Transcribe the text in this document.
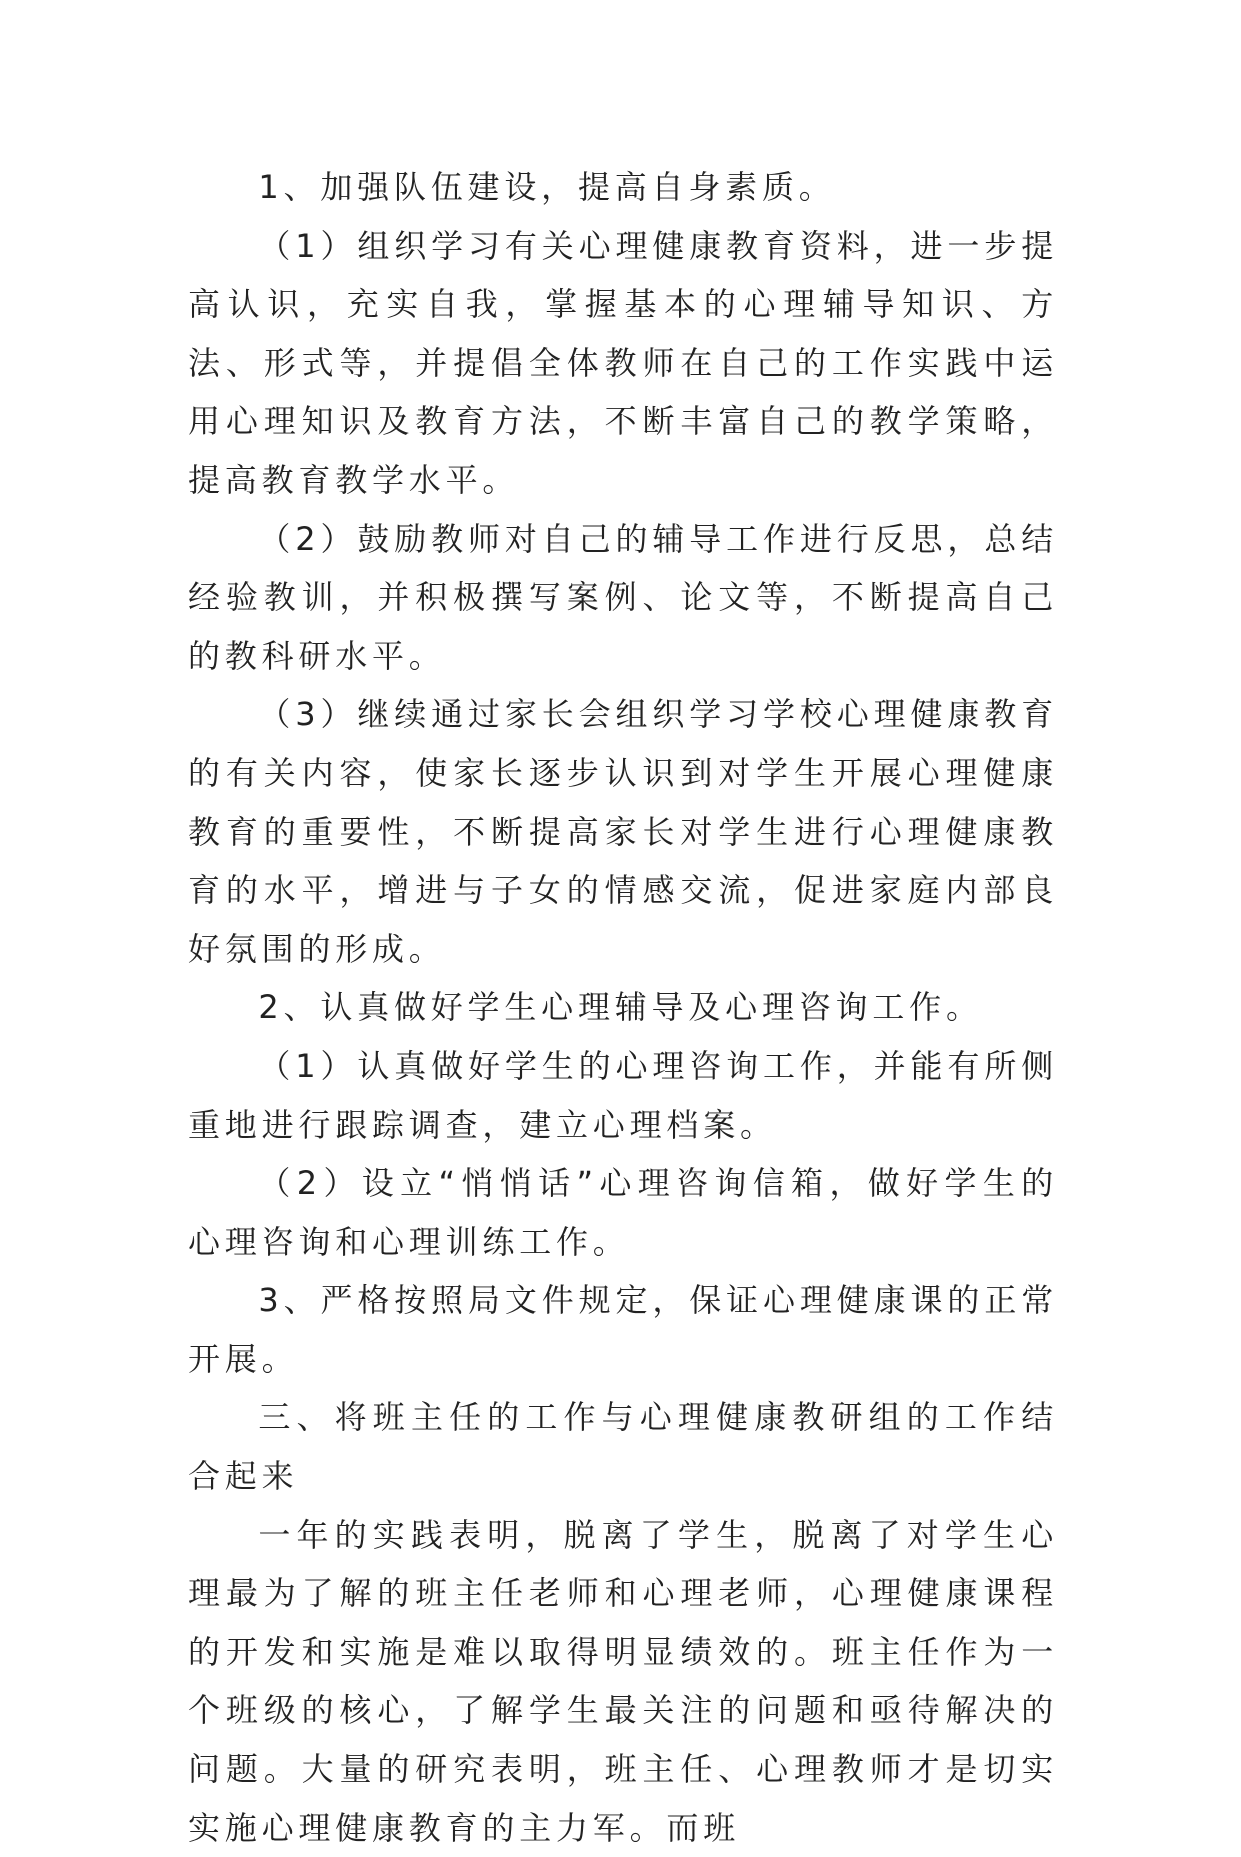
1、加强队伍建设，提高自身素质。

（1）组织学习有关心理健康教育资料，进一步提高认识，充实自我，掌握基本的心理辅导知识、方法、形式等，并提倡全体教师在自己的工作实践中运用心理知识及教育方法，不断丰富自己的教学策略，提高教育教学水平。

（2）鼓励教师对自己的辅导工作进行反思，总结经验教训，并积极撰写案例、论文等，不断提高自己的教科研水平。

（3）继续通过家长会组织学习学校心理健康教育的有关内容，使家长逐步认识到对学生开展心理健康教育的重要性，不断提高家长对学生进行心理健康教育的水平，增进与子女的情感交流，促进家庭内部良好氛围的形成。

2、认真做好学生心理辅导及心理咨询工作。

（1）认真做好学生的心理咨询工作，并能有所侧重地进行跟踪调查，建立心理档案。

（2）设立“悄悄话”心理咨询信箱，做好学生的心理咨询和心理训练工作。

3、严格按照局文件规定，保证心理健康课的正常开展。

三、将班主任的工作与心理健康教研组的工作结合起来

一年的实践表明，脱离了学生，脱离了对学生心理最为了解的班主任老师和心理老师，心理健康课程的开发和实施是难以取得明显绩效的。班主任作为一个班级的核心，了解学生最关注的问题和亟待解决的问题。大量的研究表明，班主任、心理教师才是切实实施心理健康教育的主力军。而班
